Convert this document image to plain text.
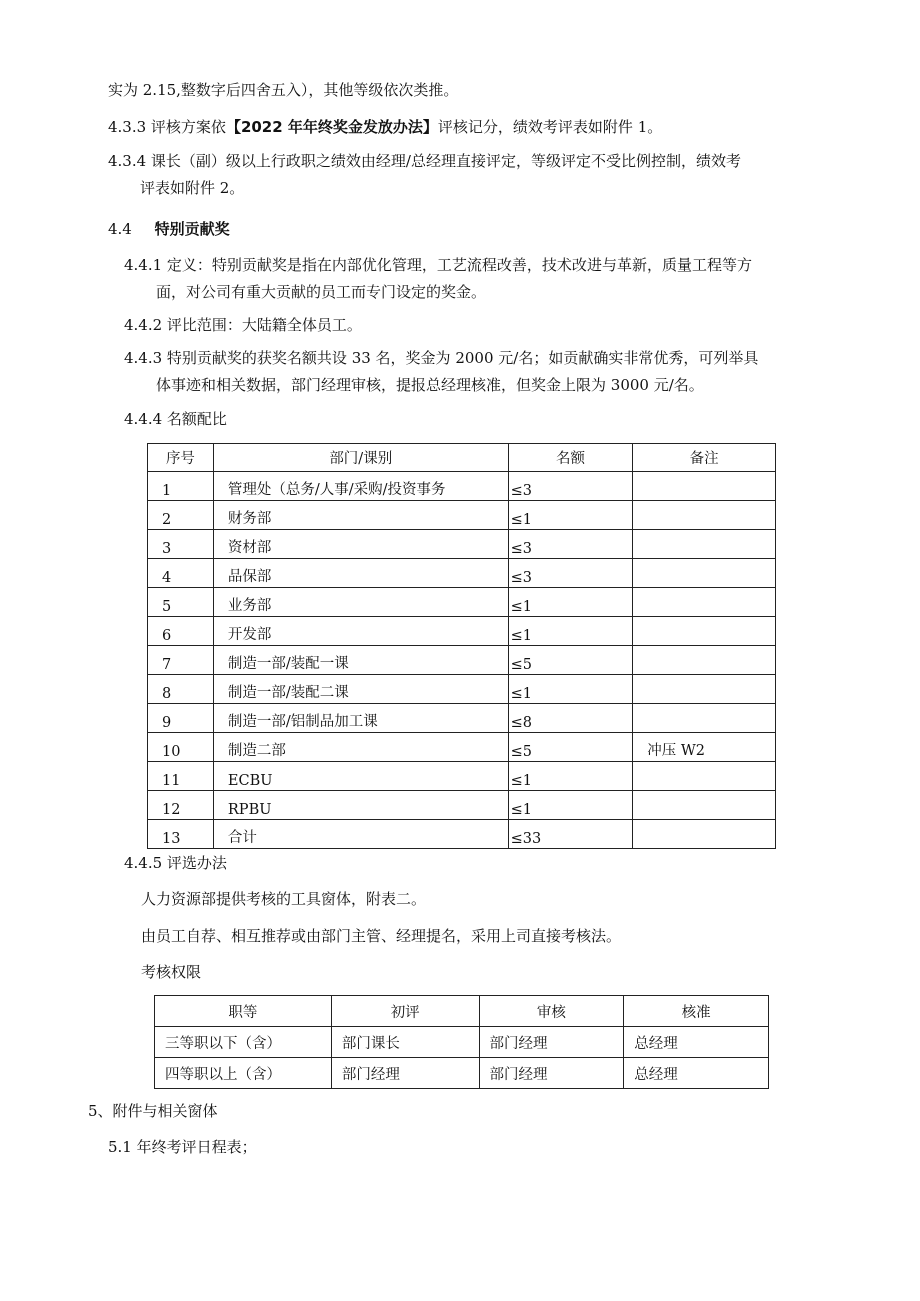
实为 2.15,整数字后四舍五入），其他等级依次类推。
4.3.3 评核方案依【2022 年年终奖金发放办法】评核记分，绩效考评表如附件 1。
4.3.4 课长（副）级以上行政职之绩效由经理/总经理直接评定，等级评定不受比例控制，绩效考
评表如附件 2。
4.4 特别贡献奖
4.4.1 定义：特别贡献奖是指在内部优化管理，工艺流程改善，技术改进与革新，质量工程等方
面，对公司有重大贡献的员工而专门设定的奖金。
4.4.2 评比范围：大陆籍全体员工。
4.4.3 特别贡献奖的获奖名额共设 33 名，奖金为 2000 元/名；如贡献确实非常优秀，可列举具
体事迹和相关数据，部门经理审核，提报总经理核准，但奖金上限为 3000 元/名。
4.4.4 名额配比
序号	部门/课别	名额	备注
1	管理处（总务/人事/采购/投资事务	≤3	
2	财务部	≤1	
3	资材部	≤3	
4	品保部	≤3	
5	业务部	≤1	
6	开发部	≤1	
7	制造一部/装配一课	≤5	
8	制造一部/装配二课	≤1	
9	制造一部/铝制品加工课	≤8	
10	制造二部	≤5	冲压 W2
11	ECBU	≤1	
12	RPBU	≤1	
13	合计	≤33	
4.4.5 评选办法
人力资源部提供考核的工具窗体，附表二。
由员工自荐、相互推荐或由部门主管、经理提名，采用上司直接考核法。
考核权限
职等	初评	审核	核准
三等职以下（含）	部门课长	部门经理	总经理
四等职以上（含）	部门经理	部门经理	总经理
5、附件与相关窗体
5.1 年终考评日程表；
